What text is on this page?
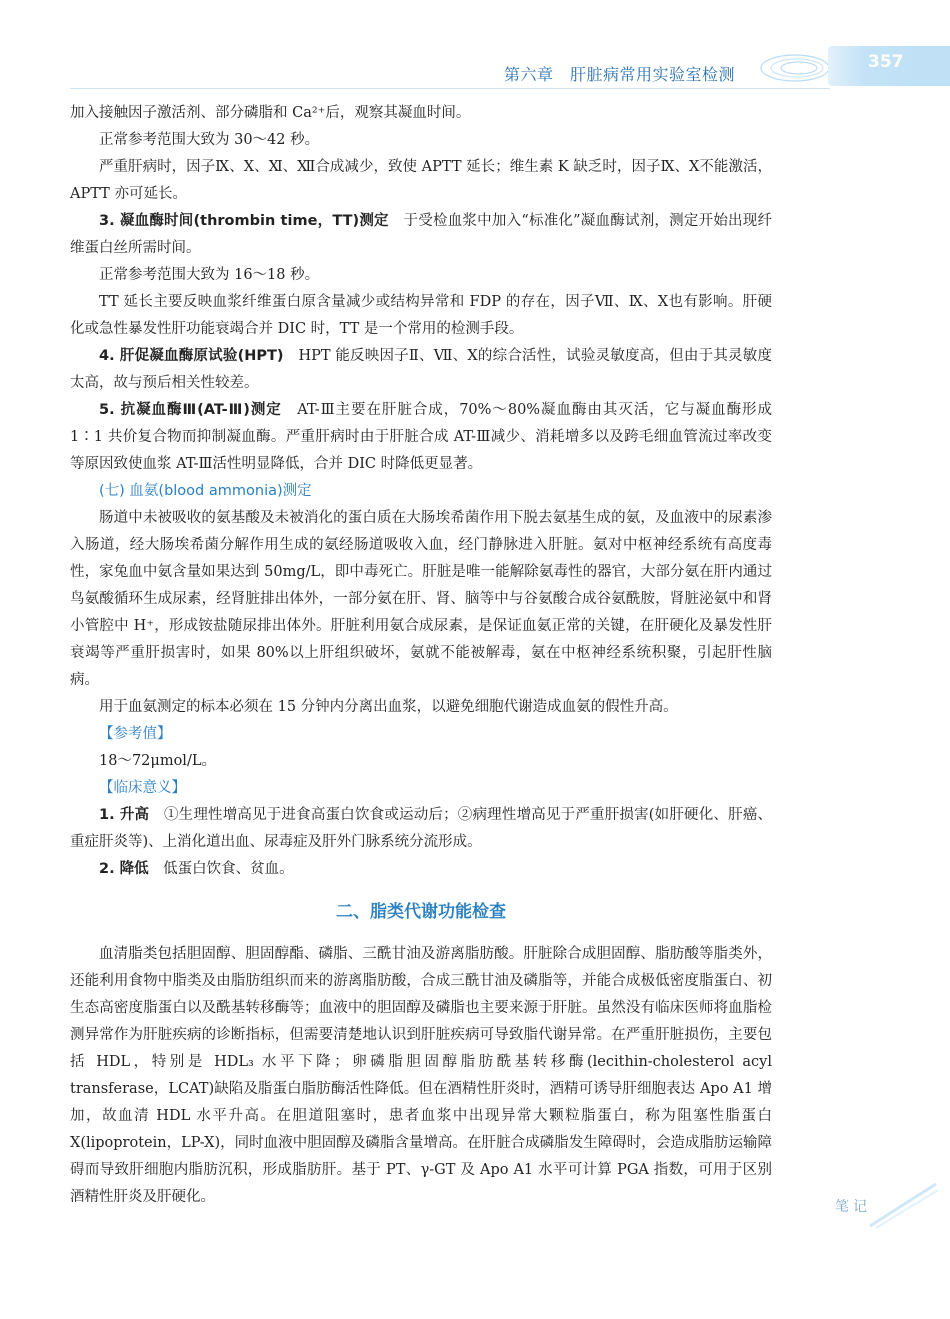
第六章　肝脏病常用实验室检测
357

加入接触因子激活剂、部分磷脂和 Ca²⁺后，观察其凝血时间。

正常参考范围大致为 30～42 秒。

严重肝病时，因子Ⅸ、Ⅹ、Ⅺ、Ⅻ合成减少，致使 APTT 延长；维生素 K 缺乏时，因子Ⅸ、Ⅹ不能激活，APTT 亦可延长。

3. 凝血酶时间(thrombin time，TT)测定　 于受检血浆中加入“标准化”凝血酶试剂，测定开始出现纤维蛋白丝所需时间。

正常参考范围大致为 16～18 秒。

TT 延长主要反映血浆纤维蛋白原含量减少或结构异常和 FDP 的存在，因子Ⅶ、Ⅸ、Ⅹ也有影响。肝硬化或急性暴发性肝功能衰竭合并 DIC 时，TT 是一个常用的检测手段。

4. 肝促凝血酶原试验(HPT)　 HPT 能反映因子Ⅱ、Ⅶ、Ⅹ的综合活性，试验灵敏度高，但由于其灵敏度太高，故与预后相关性较差。

5. 抗凝血酶Ⅲ(AT-Ⅲ)测定　 AT-Ⅲ主要在肝脏合成，70%～80%凝血酶由其灭活，它与凝血酶形成 1∶1 共价复合物而抑制凝血酶。严重肝病时由于肝脏合成 AT-Ⅲ减少、消耗增多以及跨毛细血管流过率改变等原因致使血浆 AT-Ⅲ活性明显降低，合并 DIC 时降低更显著。

(七) 血氨(blood ammonia)测定

肠道中未被吸收的氨基酸及未被消化的蛋白质在大肠埃希菌作用下脱去氨基生成的氨，及血液中的尿素渗入肠道，经大肠埃希菌分解作用生成的氨经肠道吸收入血，经门静脉进入肝脏。氨对中枢神经系统有高度毒性，家兔血中氨含量如果达到 50mg/L，即中毒死亡。肝脏是唯一能解除氨毒性的器官，大部分氨在肝内通过鸟氨酸循环生成尿素，经肾脏排出体外，一部分氨在肝、肾、脑等中与谷氨酸合成谷氨酰胺，肾脏泌氨中和肾小管腔中 H⁺，形成铵盐随尿排出体外。肝脏利用氨合成尿素，是保证血氨正常的关键，在肝硬化及暴发性肝衰竭等严重肝损害时，如果 80%以上肝组织破坏，氨就不能被解毒，氨在中枢神经系统积聚，引起肝性脑病。

用于血氨测定的标本必须在 15 分钟内分离出血浆，以避免细胞代谢造成血氨的假性升高。

【参考值】

18～72μmol/L。

【临床意义】

1. 升高　 ①生理性增高见于进食高蛋白饮食或运动后；②病理性增高见于严重肝损害(如肝硬化、肝癌、重症肝炎等)、上消化道出血、尿毒症及肝外门脉系统分流形成。

2. 降低　 低蛋白饮食、贫血。

二、脂类代谢功能检查

血清脂类包括胆固醇、胆固醇酯、磷脂、三酰甘油及游离脂肪酸。肝脏除合成胆固醇、脂肪酸等脂类外，还能利用食物中脂类及由脂肪组织而来的游离脂肪酸，合成三酰甘油及磷脂等，并能合成极低密度脂蛋白、初生态高密度脂蛋白以及酰基转移酶等；血液中的胆固醇及磷脂也主要来源于肝脏。虽然没有临床医师将血脂检测异常作为肝脏疾病的诊断指标，但需要清楚地认识到肝脏疾病可导致脂代谢异常。在严重肝脏损伤，主要包括 HDL，特别是 HDL₃ 水平下降；卵磷脂胆固醇脂肪酰基转移酶(lecithin-cholesterol acyl transferase，LCAT)缺陷及脂蛋白脂肪酶活性降低。但在酒精性肝炎时，酒精可诱导肝细胞表达 Apo A1 增加，故血清 HDL 水平升高。在胆道阻塞时，患者血浆中出现异常大颗粒脂蛋白，称为阻塞性脂蛋白 X(lipoprotein，LP-X)，同时血液中胆固醇及磷脂含量增高。在肝脏合成磷脂发生障碍时，会造成脂肪运输障碍而导致肝细胞内脂肪沉积，形成脂肪肝。基于 PT、γ-GT 及 Apo A1 水平可计算 PGA 指数，可用于区别酒精性肝炎及肝硬化。

笔记
